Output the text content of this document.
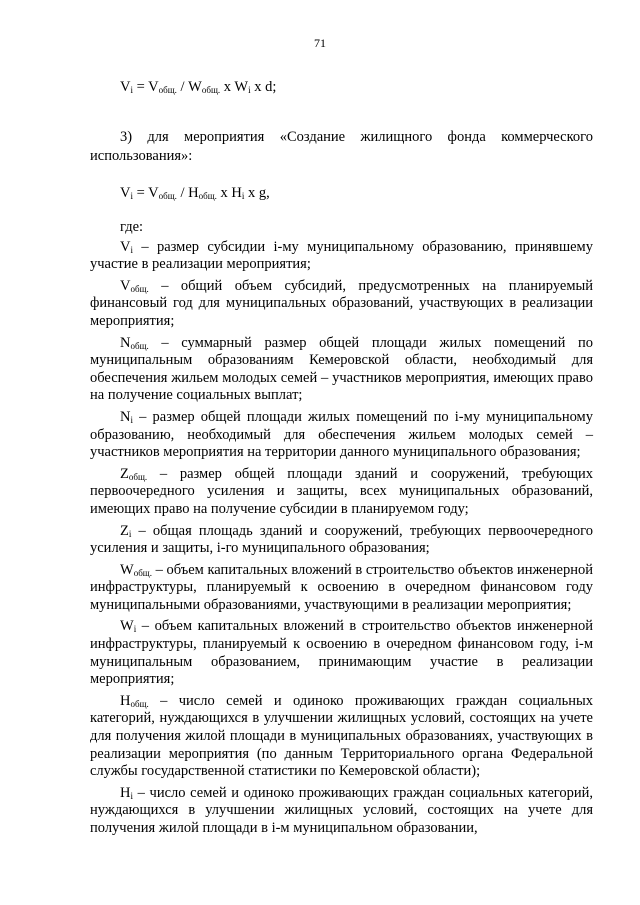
71
$V_i = V_{общ.} / W_{общ.}$ x $W_i$ x d;
3) для мероприятия «Создание жилищного фонда коммерческого использования»:
$V_i = V_{общ.} / H_{общ.}$ x $H_i$ x g,

где:

$V_i$ – размер субсидии i-му муниципальному образованию, принявшему участие в реализации мероприятия;

$V_{общ.}$ – общий объем субсидий, предусмотренных на планируемый финансовый год для муниципальных образований, участвующих в реализации мероприятия;

$N_{общ.}$ – суммарный размер общей площади жилых помещений по муниципальным образованиям Кемеровской области, необходимый для обеспечения жильем молодых семей – участников мероприятия, имеющих право на получение социальных выплат;

$N_i$ – размер общей площади жилых помещений по i-му муниципальному образованию, необходимый для обеспечения жильем молодых семей – участников мероприятия на территории данного муниципального образования;

$Z_{общ.}$ – размер общей площади зданий и сооружений, требующих первоочередного усиления и защиты, всех муниципальных образований, имеющих право на получение субсидии в планируемом году;

$Z_i$ – общая площадь зданий и сооружений, требующих первоочередного усиления и защиты, i-го муниципального образования;

$W_{общ.}$ – объем капитальных вложений в строительство объектов инженерной инфраструктуры, планируемый к освоению в очередном финансовом году муниципальными образованиями, участвующими в реализации мероприятия;

$W_i$ – объем капитальных вложений в строительство объектов инженерной инфраструктуры, планируемый к освоению в очередном финансовом году, i-м муниципальным образованием, принимающим участие в реализации мероприятия;

$H_{общ.}$ – число семей и одиноко проживающих граждан социальных категорий, нуждающихся в улучшении жилищных условий, состоящих на учете для получения жилой площади в муниципальных образованиях, участвующих в реализации мероприятия (по данным Территориального органа Федеральной службы государственной статистики по Кемеровской области);

$H_i$ – число семей и одиноко проживающих граждан социальных категорий, нуждающихся в улучшении жилищных условий, состоящих на учете для получения жилой площади в i-м муниципальном образовании,
